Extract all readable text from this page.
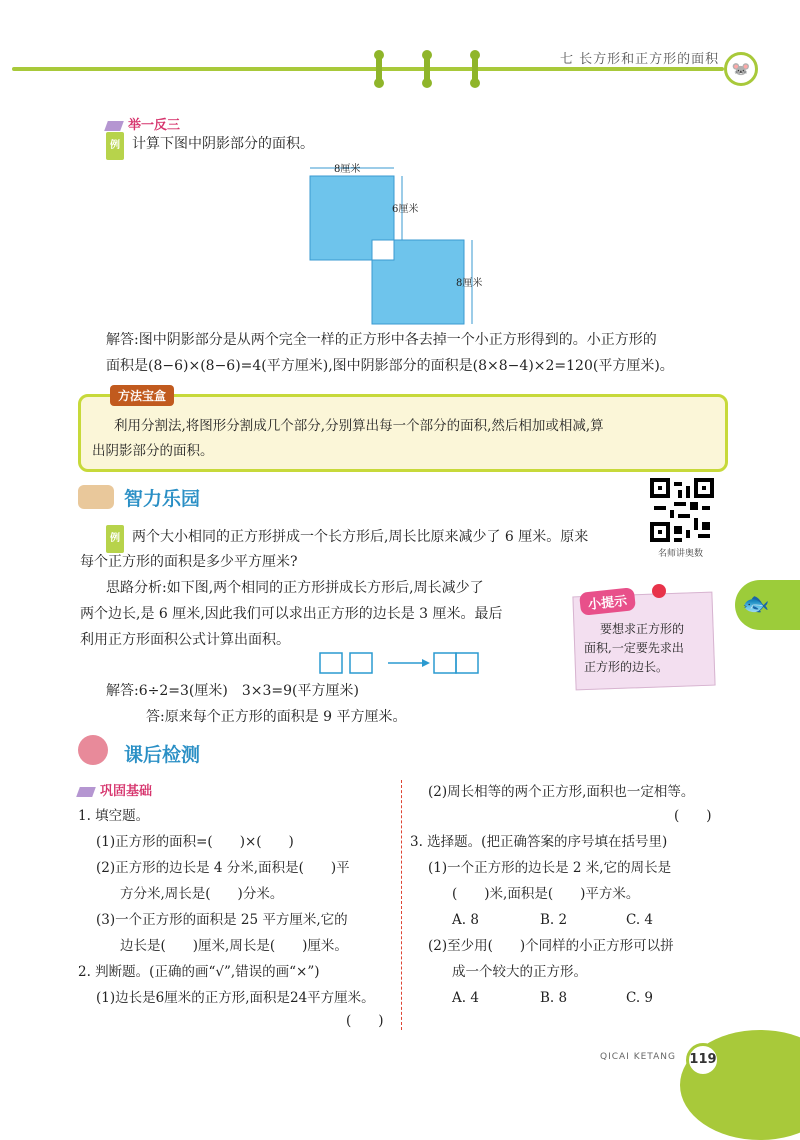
七 长方形和正方形的面积
🐭
举一反三
例 计算下图中阴影部分的面积。
8厘米
6厘米
8厘米
解答:图中阴影部分是从两个完全一样的正方形中各去掉一个小正方形得到的。小正方形的
面积是(8−6)×(8−6)=4(平方厘米),图中阴影部分的面积是(8×8−4)×2=120(平方厘米)。
方法宝盒
利用分割法,将图形分割成几个部分,分别算出每一个部分的面积,然后相加或相减,算
出阴影部分的面积。
智力乐园
名师讲奥数
例 两个大小相同的正方形拼成一个长方形后,周长比原来减少了 6 厘米。原来
每个正方形的面积是多少平方厘米?
思路分析:如下图,两个相同的正方形拼成长方形后,周长减少了
两个边长,是 6 厘米,因此我们可以求出正方形的边长是 3 厘米。最后
利用正方形面积公式计算出面积。
解答:6÷2=3(厘米)　3×3=9(平方厘米)
答:原来每个正方形的面积是 9 平方厘米。
小提示
要想求正方形的
面积,一定要先求出
正方形的边长。
🐟
课后检测
巩固基础
1. 填空题。
(1)正方形的面积=(　　)×(　　)
(2)正方形的边长是 4 分米,面积是(　　)平
方分米,周长是(　　)分米。
(3)一个正方形的面积是 25 平方厘米,它的
边长是(　　)厘米,周长是(　　)厘米。
2. 判断题。(正确的画“√”,错误的画“×”)
(1)边长是6厘米的正方形,面积是24平方厘米。
(　　)
(2)周长相等的两个正方形,面积也一定相等。
(　　)
3. 选择题。(把正确答案的序号填在括号里)
(1)一个正方形的边长是 2 米,它的周长是
(　　)米,面积是(　　)平方米。
A. 8	B. 2	C. 4
(2)至少用(　　)个同样的小正方形可以拼
成一个较大的正方形。
A. 4	B. 8	C. 9
QICAI KETANG 119
